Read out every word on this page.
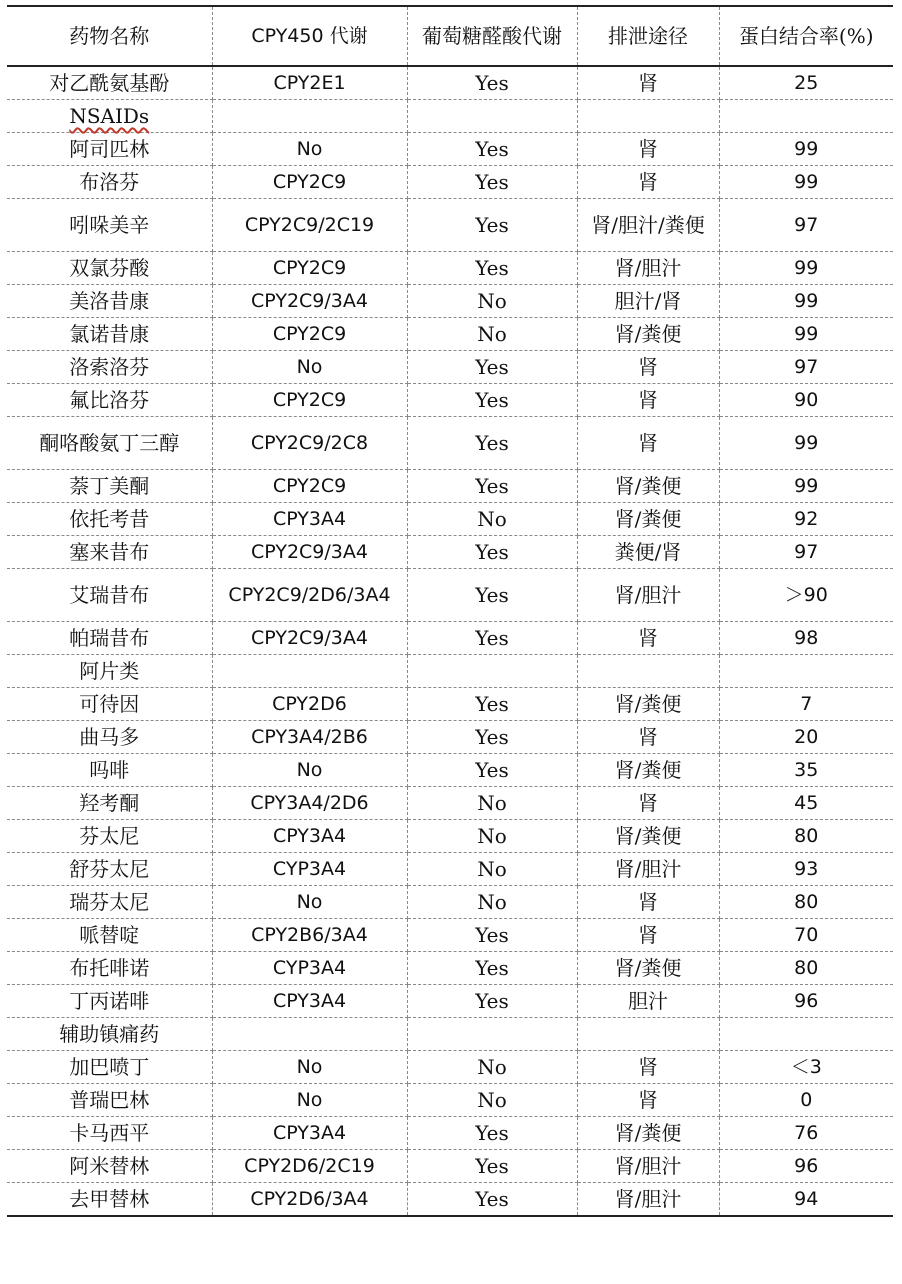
药物名称	CPY450 代谢	葡萄糖醛酸代谢	排泄途径	蛋白结合率(%)
对乙酰氨基酚	CPY2E1	Yes	肾	25
NSAIDs				
阿司匹林	No	Yes	肾	99
布洛芬	CPY2C9	Yes	肾	99
吲哚美辛	CPY2C9/2C19	Yes	肾/胆汁/粪便	97
双氯芬酸	CPY2C9	Yes	肾/胆汁	99
美洛昔康	CPY2C9/3A4	No	胆汁/肾	99
氯诺昔康	CPY2C9	No	肾/粪便	99
洛索洛芬	No	Yes	肾	97
氟比洛芬	CPY2C9	Yes	肾	90
酮咯酸氨丁三醇	CPY2C9/2C8	Yes	肾	99
萘丁美酮	CPY2C9	Yes	肾/粪便	99
依托考昔	CPY3A4	No	肾/粪便	92
塞来昔布	CPY2C9/3A4	Yes	粪便/肾	97
艾瑞昔布	CPY2C9/2D6/3A4	Yes	肾/胆汁	＞90
帕瑞昔布	CPY2C9/3A4	Yes	肾	98
阿片类				
可待因	CPY2D6	Yes	肾/粪便	7
曲马多	CPY3A4/2B6	Yes	肾	20
吗啡	No	Yes	肾/粪便	35
羟考酮	CPY3A4/2D6	No	肾	45
芬太尼	CPY3A4	No	肾/粪便	80
舒芬太尼	CYP3A4	No	肾/胆汁	93
瑞芬太尼	No	No	肾	80
哌替啶	CPY2B6/3A4	Yes	肾	70
布托啡诺	CYP3A4	Yes	肾/粪便	80
丁丙诺啡	CPY3A4	Yes	胆汁	96
辅助镇痛药				
加巴喷丁	No	No	肾	＜3
普瑞巴林	No	No	肾	0
卡马西平	CPY3A4	Yes	肾/粪便	76
阿米替林	CPY2D6/2C19	Yes	肾/胆汁	96
去甲替林	CPY2D6/3A4	Yes	肾/胆汁	94
